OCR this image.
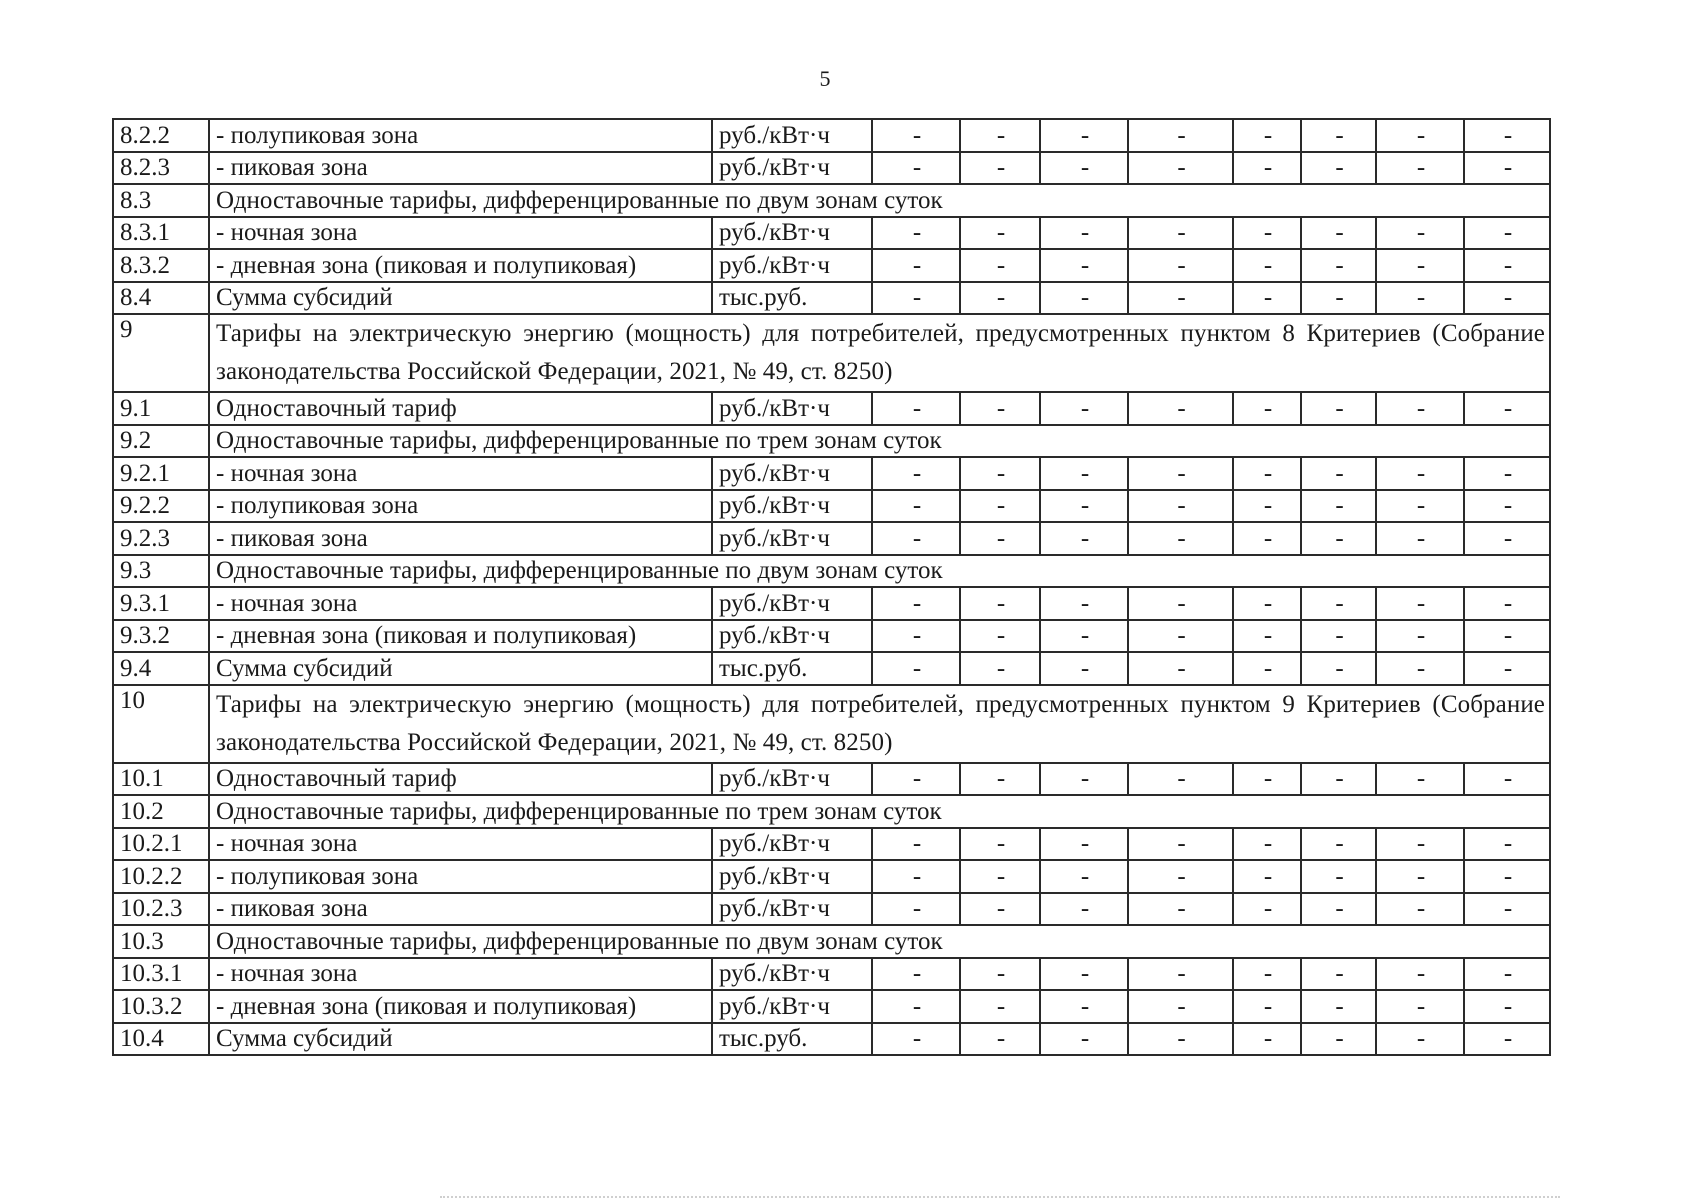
5
8.2.2	- полупиковая зона	руб./кВт·ч	-	-	-	-	-	-	-	-
8.2.3	- пиковая зона	руб./кВт·ч	-	-	-	-	-	-	-	-
8.3	Одноставочные тарифы, дифференцированные по двум зонам суток									
8.3.1	- ночная зона	руб./кВт·ч	-	-	-	-	-	-	-	-
8.3.2	- дневная зона (пиковая и полупиковая)	руб./кВт·ч	-	-	-	-	-	-	-	-
8.4	Сумма субсидий	тыс.руб.	-	-	-	-	-	-	-	-
9	Тарифы на электрическую энергию (мощность) для потребителей, предусмотренных пунктом 8 Критериев (Собрание законодательства Российской Федерации, 2021, № 49, ст. 8250)									
9.1	Одноставочный тариф	руб./кВт·ч	-	-	-	-	-	-	-	-
9.2	Одноставочные тарифы, дифференцированные по трем зонам суток									
9.2.1	- ночная зона	руб./кВт·ч	-	-	-	-	-	-	-	-
9.2.2	- полупиковая зона	руб./кВт·ч	-	-	-	-	-	-	-	-
9.2.3	- пиковая зона	руб./кВт·ч	-	-	-	-	-	-	-	-
9.3	Одноставочные тарифы, дифференцированные по двум зонам суток									
9.3.1	- ночная зона	руб./кВт·ч	-	-	-	-	-	-	-	-
9.3.2	- дневная зона (пиковая и полупиковая)	руб./кВт·ч	-	-	-	-	-	-	-	-
9.4	Сумма субсидий	тыс.руб.	-	-	-	-	-	-	-	-
10	Тарифы на электрическую энергию (мощность) для потребителей, предусмотренных пунктом 9 Критериев (Собрание законодательства Российской Федерации, 2021, № 49, ст. 8250)									
10.1	Одноставочный тариф	руб./кВт·ч	-	-	-	-	-	-	-	-
10.2	Одноставочные тарифы, дифференцированные по трем зонам суток									
10.2.1	- ночная зона	руб./кВт·ч	-	-	-	-	-	-	-	-
10.2.2	- полупиковая зона	руб./кВт·ч	-	-	-	-	-	-	-	-
10.2.3	- пиковая зона	руб./кВт·ч	-	-	-	-	-	-	-	-
10.3	Одноставочные тарифы, дифференцированные по двум зонам суток									
10.3.1	- ночная зона	руб./кВт·ч	-	-	-	-	-	-	-	-
10.3.2	- дневная зона (пиковая и полупиковая)	руб./кВт·ч	-	-	-	-	-	-	-	-
10.4	Сумма субсидий	тыс.руб.	-	-	-	-	-	-	-	-
